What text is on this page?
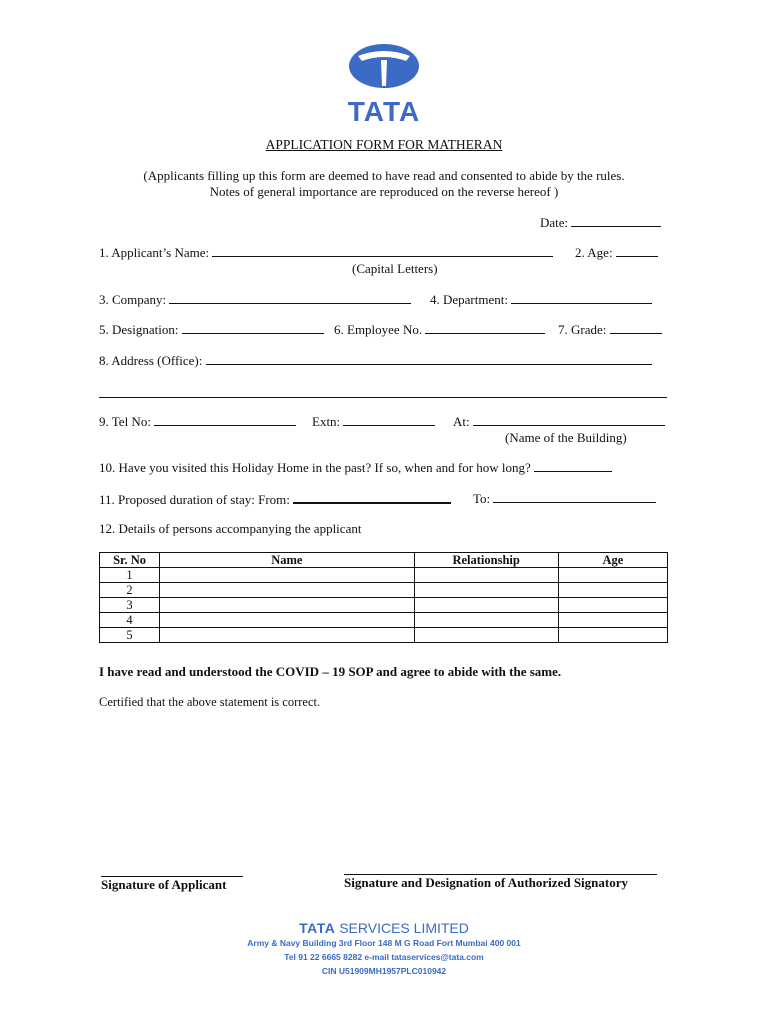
TATA
APPLICATION FORM FOR MATHERAN
(Applicants filling up this form are deemed to have read and consented to abide by the rules.
Notes of general importance are reproduced on the reverse hereof )
Date:
1. Applicant’s Name:	2. Age:
(Capital Letters)
3. Company:	4. Department:
5. Designation:	6. Employee No.	7. Grade:
8. Address (Office):
9. Tel No:	Extn:	At:
(Name of the Building)
10. Have you visited this Holiday Home in the past? If so, when and for how long?
11. Proposed duration of stay: From:	To:
12. Details of persons accompanying the applicant
Sr. No	Name	Relationship	Age
1			
2			
3			
4			
5			
I have read and understood the COVID – 19 SOP and agree to abide with the same.
Certified that the above statement is correct.
Signature of Applicant	Signature and Designation of Authorized Signatory
TATA SERVICES LIMITED
Army & Navy Building 3rd Floor 148 M G Road Fort Mumbai 400 001
Tel 91 22 6665 8282 e-mail tataservices@tata.com
CIN U51909MH1957PLC010942
